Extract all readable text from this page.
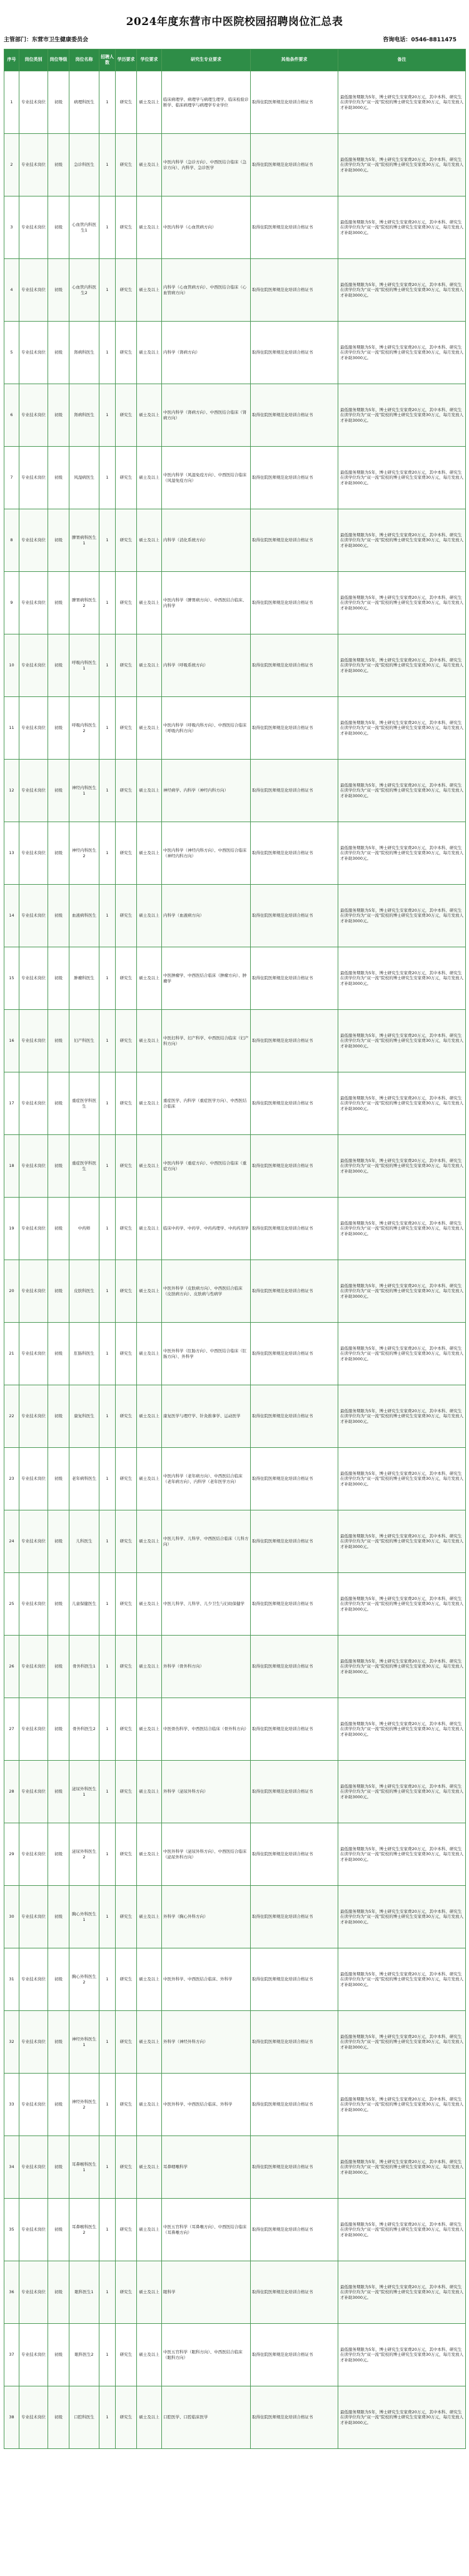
2024年度东营市中医院校园招聘岗位汇总表
主管部门：东营市卫生健康委员会	咨询电话：0546-8811475
序号	岗位类别	岗位等级	岗位名称	招聘人数	学历要求	学位要求	研究生专业要求	其他条件要求	备注
1	专业技术岗位	初级	病理科医生	1	研究生	硕士及以上	临床病理学、病理学与病理生理学、临床检验诊断学、临床病理学与病理学专业学位	取得住院医师规范化培训合格证书	最低服务期限为5年，博士研究生安家费20万元，其中本科、研究生在读学位均为“双一流”院校的博士研究生安家费30万元，每月发放人才补助3000元。
2	专业技术岗位	初级	急诊科医生	1	研究生	硕士及以上	中医内科学（急诊方向）、中西医结合临床（急诊方向）、内科学、急诊医学	取得住院医师规范化培训合格证书	最低服务期限为5年，博士研究生安家费20万元，其中本科、研究生在读学位均为“双一流”院校的博士研究生安家费30万元，每月发放人才补助3000元。
3	专业技术岗位	初级	心血管内科医生1	1	研究生	硕士及以上	中医内科学（心血管病方向）	取得住院医师规范化培训合格证书	最低服务期限为5年，博士研究生安家费20万元，其中本科、研究生在读学位均为“双一流”院校的博士研究生安家费30万元，每月发放人才补助3000元。
4	专业技术岗位	初级	心血管内科医生2	1	研究生	硕士及以上	内科学（心血管病方向）、中西医结合临床（心血管病方向）	取得住院医师规范化培训合格证书	最低服务期限为5年，博士研究生安家费20万元，其中本科、研究生在读学位均为“双一流”院校的博士研究生安家费30万元，每月发放人才补助3000元。
5	专业技术岗位	初级	肾病科医生	1	研究生	硕士及以上	内科学（肾病方向）	取得住院医师规范化培训合格证书	最低服务期限为5年，博士研究生安家费20万元，其中本科、研究生在读学位均为“双一流”院校的博士研究生安家费30万元，每月发放人才补助3000元。
6	专业技术岗位	初级	肾病科医生	1	研究生	硕士及以上	中医内科学（肾病方向）、中西医结合临床（肾病方向）	取得住院医师规范化培训合格证书	最低服务期限为5年，博士研究生安家费20万元，其中本科、研究生在读学位均为“双一流”院校的博士研究生安家费30万元，每月发放人才补助3000元。
7	专业技术岗位	初级	风湿病医生	1	研究生	硕士及以上	中医内科学（风湿免疫方向）、中西医结合临床（风湿免疫方向）	取得住院医师规范化培训合格证书	最低服务期限为5年，博士研究生安家费20万元，其中本科、研究生在读学位均为“双一流”院校的博士研究生安家费30万元，每月发放人才补助3000元。
8	专业技术岗位	初级	脾胃病科医生1	1	研究生	硕士及以上	内科学（消化系统方向）	取得住院医师规范化培训合格证书	最低服务期限为5年，博士研究生安家费20万元，其中本科、研究生在读学位均为“双一流”院校的博士研究生安家费30万元，每月发放人才补助3000元。
9	专业技术岗位	初级	脾胃病科医生2	1	研究生	硕士及以上	中医内科学（脾胃病方向）、中西医结合临床、内科学	取得住院医师规范化培训合格证书	最低服务期限为5年，博士研究生安家费20万元，其中本科、研究生在读学位均为“双一流”院校的博士研究生安家费30万元，每月发放人才补助3000元。
10	专业技术岗位	初级	呼吸内科医生1	1	研究生	硕士及以上	内科学（呼吸系统方向）	取得住院医师规范化培训合格证书	最低服务期限为5年，博士研究生安家费20万元，其中本科、研究生在读学位均为“双一流”院校的博士研究生安家费30万元，每月发放人才补助3000元。
11	专业技术岗位	初级	呼吸内科医生2	1	研究生	硕士及以上	中医内科学（呼吸内科方向）、中西医结合临床（呼吸内科方向）	取得住院医师规范化培训合格证书	最低服务期限为5年，博士研究生安家费20万元，其中本科、研究生在读学位均为“双一流”院校的博士研究生安家费30万元，每月发放人才补助3000元。
12	专业技术岗位	初级	神经内科医生1	1	研究生	硕士及以上	神经病学、内科学（神经内科方向）	取得住院医师规范化培训合格证书	最低服务期限为5年，博士研究生安家费20万元，其中本科、研究生在读学位均为“双一流”院校的博士研究生安家费30万元，每月发放人才补助3000元。
13	专业技术岗位	初级	神经内科医生2	1	研究生	硕士及以上	中医内科学（神经内科方向）、中西医结合临床（神经内科方向）	取得住院医师规范化培训合格证书	最低服务期限为5年，博士研究生安家费20万元，其中本科、研究生在读学位均为“双一流”院校的博士研究生安家费30万元，每月发放人才补助3000元。
14	专业技术岗位	初级	血液病科医生	1	研究生	硕士及以上	内科学（血液病方向）	取得住院医师规范化培训合格证书	最低服务期限为5年，博士研究生安家费20万元，其中本科、研究生在读学位均为“双一流”院校的博士研究生安家费30万元，每月发放人才补助3000元。
15	专业技术岗位	初级	肿瘤科医生	1	研究生	硕士及以上	中医肿瘤学、中西医结合临床（肿瘤方向）、肿瘤学	取得住院医师规范化培训合格证书	最低服务期限为5年，博士研究生安家费20万元，其中本科、研究生在读学位均为“双一流”院校的博士研究生安家费30万元，每月发放人才补助3000元。
16	专业技术岗位	初级	妇产科医生	1	研究生	硕士及以上	中医妇科学、妇产科学、中西医结合临床（妇产科方向）	取得住院医师规范化培训合格证书	最低服务期限为5年，博士研究生安家费20万元，其中本科、研究生在读学位均为“双一流”院校的博士研究生安家费30万元，每月发放人才补助3000元。
17	专业技术岗位	初级	重症医学科医生	1	研究生	硕士及以上	重症医学、内科学（重症医学方向）、中西医结合临床	取得住院医师规范化培训合格证书	最低服务期限为5年，博士研究生安家费20万元，其中本科、研究生在读学位均为“双一流”院校的博士研究生安家费30万元，每月发放人才补助3000元。
18	专业技术岗位	初级	重症医学科医生	1	研究生	硕士及以上	中医内科学（重症方向）、中西医结合临床（重症方向）	取得住院医师规范化培训合格证书	最低服务期限为5年，博士研究生安家费20万元，其中本科、研究生在读学位均为“双一流”院校的博士研究生安家费30万元，每月发放人才补助3000元。
19	专业技术岗位	初级	中药师	1	研究生	硕士及以上	临床中药学、中药学、中药药理学、中药药剂学	取得住院医师规范化培训合格证书	最低服务期限为5年，博士研究生安家费20万元，其中本科、研究生在读学位均为“双一流”院校的博士研究生安家费30万元，每月发放人才补助3000元。
20	专业技术岗位	初级	皮肤科医生	1	研究生	硕士及以上	中医外科学（皮肤病方向）、中西医结合临床（皮肤病方向）、皮肤病与性病学	取得住院医师规范化培训合格证书	最低服务期限为5年，博士研究生安家费20万元，其中本科、研究生在读学位均为“双一流”院校的博士研究生安家费30万元，每月发放人才补助3000元。
21	专业技术岗位	初级	肛肠科医生	1	研究生	硕士及以上	中医外科学（肛肠方向）、中西医结合临床（肛肠方向）、外科学	取得住院医师规范化培训合格证书	最低服务期限为5年，博士研究生安家费20万元，其中本科、研究生在读学位均为“双一流”院校的博士研究生安家费30万元，每月发放人才补助3000元。
22	专业技术岗位	初级	康复科医生	1	研究生	硕士及以上	康复医学与理疗学、针灸推拿学、运动医学	取得住院医师规范化培训合格证书	最低服务期限为5年，博士研究生安家费20万元，其中本科、研究生在读学位均为“双一流”院校的博士研究生安家费30万元，每月发放人才补助3000元。
23	专业技术岗位	初级	老年病科医生	1	研究生	硕士及以上	中医内科学（老年病方向）、中西医结合临床（老年病方向）、内科学（老年医学方向）	取得住院医师规范化培训合格证书	最低服务期限为5年，博士研究生安家费20万元，其中本科、研究生在读学位均为“双一流”院校的博士研究生安家费30万元，每月发放人才补助3000元。
24	专业技术岗位	初级	儿科医生	1	研究生	硕士及以上	中医儿科学、儿科学、中西医结合临床（儿科方向）	取得住院医师规范化培训合格证书	最低服务期限为5年，博士研究生安家费20万元，其中本科、研究生在读学位均为“双一流”院校的博士研究生安家费30万元，每月发放人才补助3000元。
25	专业技术岗位	初级	儿童保健医生	1	研究生	硕士及以上	中医儿科学、儿科学、儿少卫生与妇幼保健学	取得住院医师规范化培训合格证书	最低服务期限为5年，博士研究生安家费20万元，其中本科、研究生在读学位均为“双一流”院校的博士研究生安家费30万元，每月发放人才补助3000元。
26	专业技术岗位	初级	骨外科医生1	1	研究生	硕士及以上	外科学（骨外科方向）	取得住院医师规范化培训合格证书	最低服务期限为5年，博士研究生安家费20万元，其中本科、研究生在读学位均为“双一流”院校的博士研究生安家费30万元，每月发放人才补助3000元。
27	专业技术岗位	初级	骨外科医生2	1	研究生	硕士及以上	中医骨伤科学、中西医结合临床（骨外科方向）	取得住院医师规范化培训合格证书	最低服务期限为5年，博士研究生安家费20万元，其中本科、研究生在读学位均为“双一流”院校的博士研究生安家费30万元，每月发放人才补助3000元。
28	专业技术岗位	初级	泌尿外科医生1	1	研究生	硕士及以上	外科学（泌尿外科方向）	取得住院医师规范化培训合格证书	最低服务期限为5年，博士研究生安家费20万元，其中本科、研究生在读学位均为“双一流”院校的博士研究生安家费30万元，每月发放人才补助3000元。
29	专业技术岗位	初级	泌尿外科医生2	1	研究生	硕士及以上	中医外科学（泌尿外科方向）、中西医结合临床（泌尿外科方向）	取得住院医师规范化培训合格证书	最低服务期限为5年，博士研究生安家费20万元，其中本科、研究生在读学位均为“双一流”院校的博士研究生安家费30万元，每月发放人才补助3000元。
30	专业技术岗位	初级	胸心外科医生1	1	研究生	硕士及以上	外科学（胸心外科方向）	取得住院医师规范化培训合格证书	最低服务期限为5年，博士研究生安家费20万元，其中本科、研究生在读学位均为“双一流”院校的博士研究生安家费30万元，每月发放人才补助3000元。
31	专业技术岗位	初级	胸心外科医生2	1	研究生	硕士及以上	中医外科学、中西医结合临床、外科学	取得住院医师规范化培训合格证书	最低服务期限为5年，博士研究生安家费20万元，其中本科、研究生在读学位均为“双一流”院校的博士研究生安家费30万元，每月发放人才补助3000元。
32	专业技术岗位	初级	神经外科医生1	1	研究生	硕士及以上	外科学（神经外科方向）	取得住院医师规范化培训合格证书	最低服务期限为5年，博士研究生安家费20万元，其中本科、研究生在读学位均为“双一流”院校的博士研究生安家费30万元，每月发放人才补助3000元。
33	专业技术岗位	初级	神经外科医生2	1	研究生	硕士及以上	中医外科学、中西医结合临床、外科学	取得住院医师规范化培训合格证书	最低服务期限为5年，博士研究生安家费20万元，其中本科、研究生在读学位均为“双一流”院校的博士研究生安家费30万元，每月发放人才补助3000元。
34	专业技术岗位	初级	耳鼻喉科医生1	1	研究生	硕士及以上	耳鼻咽喉科学	取得住院医师规范化培训合格证书	最低服务期限为5年，博士研究生安家费20万元，其中本科、研究生在读学位均为“双一流”院校的博士研究生安家费30万元，每月发放人才补助3000元。
35	专业技术岗位	初级	耳鼻喉科医生2	1	研究生	硕士及以上	中医五官科学（耳鼻喉方向）、中西医结合临床（耳鼻喉方向）	取得住院医师规范化培训合格证书	最低服务期限为5年，博士研究生安家费20万元，其中本科、研究生在读学位均为“双一流”院校的博士研究生安家费30万元，每月发放人才补助3000元。
36	专业技术岗位	初级	眼科医生1	1	研究生	硕士及以上	眼科学	取得住院医师规范化培训合格证书	最低服务期限为5年，博士研究生安家费20万元，其中本科、研究生在读学位均为“双一流”院校的博士研究生安家费30万元，每月发放人才补助3000元。
37	专业技术岗位	初级	眼科医生2	1	研究生	硕士及以上	中医五官科学（眼科方向）、中西医结合临床（眼科方向）	取得住院医师规范化培训合格证书	最低服务期限为5年，博士研究生安家费20万元，其中本科、研究生在读学位均为“双一流”院校的博士研究生安家费30万元，每月发放人才补助3000元。
38	专业技术岗位	初级	口腔科医生	1	研究生	硕士及以上	口腔医学、口腔临床医学	取得住院医师规范化培训合格证书	最低服务期限为5年，博士研究生安家费20万元，其中本科、研究生在读学位均为“双一流”院校的博士研究生安家费30万元，每月发放人才补助3000元。
